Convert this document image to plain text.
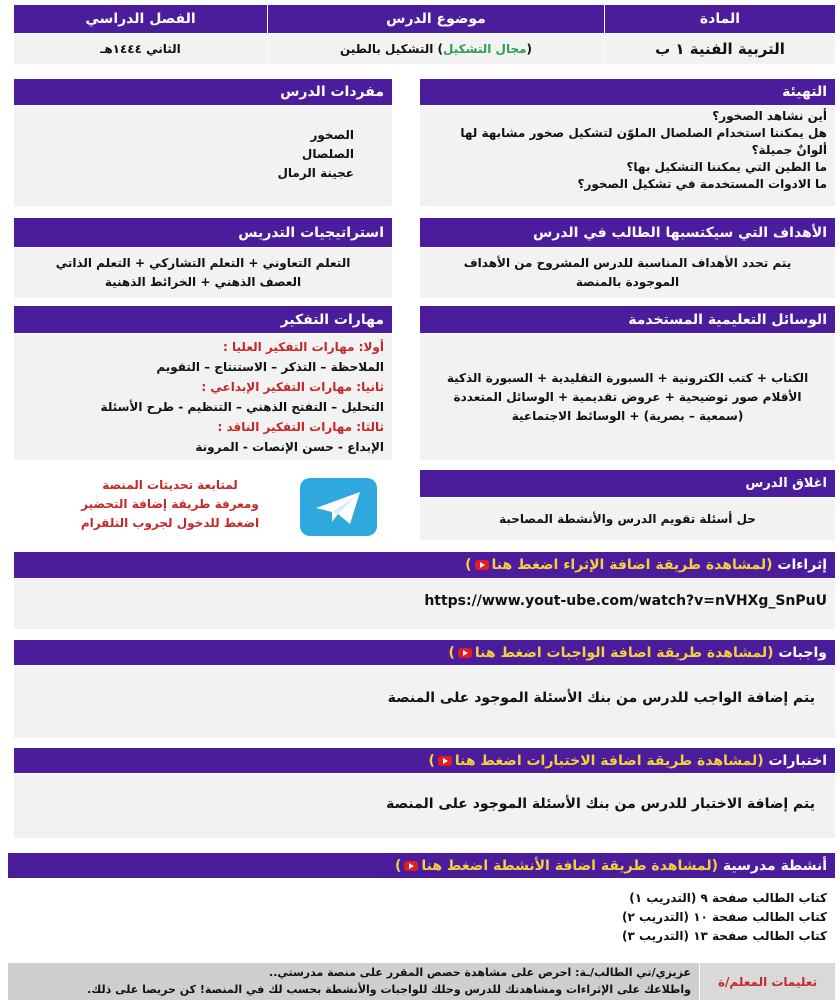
المادة
موضوع الدرس
الفصل الدراسي
التربية الفنية ١ ب
(
مجال التشكيل
)
التشكيل بالطين
الثاني ١٤٤٤هـ
التهيئة
أين نشاهد الصخور؟
هل يمكننا استخدام الصلصال الملوّن لتشكيل صخور مشابهة لها ألوانٌ جميلة؟
ما الطين التي يمكننا التشكيل بها؟
ما الادوات المستخدمة في تشكيل الصخور؟
مفردات الدرس
الصخور
الصلصال
عجينة الرمال
الأهداف التي سيكتسبها الطالب في الدرس
يتم تحدد الأهداف المناسبة للدرس المشروح من الأهداف الموجودة بالمنصة
استراتيجيات التدريس
التعلم التعاوني + التعلم التشاركي + التعلم الذاتي
العصف الذهني + الخرائط الذهنية
الوسائل التعليمية المستخدمة
الكتاب + كتب الكترونية + السبورة التقليدية + السبورة الذكية
الأقلام صور توضيحية + عروض تقديمية + الوسائل المتعددة
(سمعية – بصرية) + الوسائط الاجتماعية
مهارات التفكير
أولا: مهارات التفكير العليا :
الملاحظة – التذكر – الاستنتاج – التقويم
ثانيا: مهارات التفكير الإبداعي :
التحليل – التفتح الذهني – التنظيم - طرح الأسئلة
ثالثا: مهارات التفكير الناقد :
الإبداع - حسن الإنصات - المرونة
اغلاق الدرس
حل أسئلة تقويم الدرس والأنشطة المصاحبة
لمتابعة تحديثات المنصة
ومعرفة طريقة إضافة التحضير
اضغط للدخول لجروب التلقرام
إثراءات

(لمشاهدة طريقة اضافة الإثراء اضغط هنا)
https://www.yout-ube.com/watch?v=nVHXg_SnPuU
واجبات

(لمشاهدة طريقة اضافة الواجبات اضغط هنا)
يتم إضافة الواجب للدرس من بنك الأسئلة الموجود على المنصة
اختبارات

(لمشاهدة طريقة اضافة الاختبارات اضغط هنا)
يتم إضافة الاختبار للدرس من بنك الأسئلة الموجود على المنصة
أنشطة مدرسية

(لمشاهدة طريقة اضافة الأنشطة اضغط هنا)
كتاب الطالب صفحة ٩ (التدريب ١)
كتاب الطالب صفحة ١٠ (التدريب ٢)
كتاب الطالب صفحة ١٣ (التدريب ٣)
تعليمات المعلم/ة
عزيزي/تي الطالب/ـة: احرص على مشاهدة حصص المقرر على منصة مدرستي..
واطلاعك على الإثراءات ومشاهدتك للدرس وحلك للواجبات والأنشطة بحسب لك في المنصة! كن حريصا على ذلك.
